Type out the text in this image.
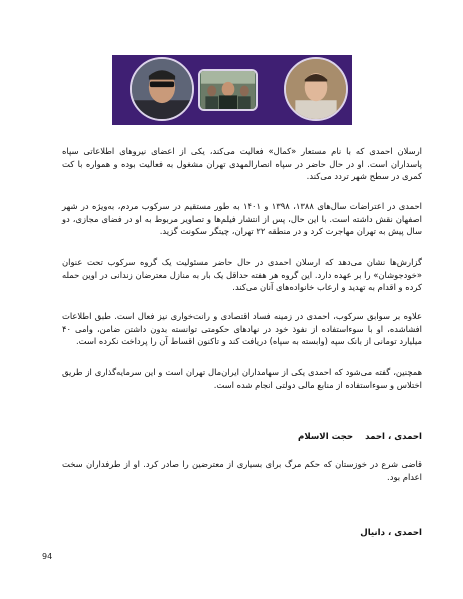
ارسلان احمدی که با نام مستعار «کمال» فعالیت می‌کند، یکی از اعضای نیروهای اطلاعاتی سپاه پاسداران است. او در حال حاضر در سپاه انصارالمهدی تهران مشغول به فعالیت بوده و همواره با کت کمری در سطح شهر تردد می‌کند.

احمدی در اعتراضات سال‌های ۱۳۸۸، ۱۳۹۸ و ۱۴۰۱ به طور مستقیم در سرکوب مردم، به‌ویژه در شهر اصفهان نقش داشته است. با این حال، پس از انتشار فیلم‌ها و تصاویر مربوط به او در فضای مجازی، دو سال پیش به تهران مهاجرت کرد و در منطقه ۲۲ تهران، چیتگر سکونت گزید.

گزارش‌ها نشان می‌دهد که ارسلان احمدی در حال حاضر مسئولیت یک گروه سرکوب تحت عنوان «خودجوشان» را بر عهده دارد. این گروه هر هفته حداقل یک بار به منازل معترضان زندانی در اوین حمله کرده و اقدام به تهدید و ارعاب خانواده‌های آنان می‌کند.

علاوه بر سوابق سرکوب، احمدی در زمینه فساد اقتصادی و رانت‌خواری نیز فعال است. طبق اطلاعات افشاشده، او با سوءاستفاده از نفوذ خود در نهادهای حکومتی توانسته بدون داشتن ضامن، وامی ۴۰ میلیارد تومانی از بانک سپه (وابسته به سپاه) دریافت کند و تاکنون اقساط آن را پرداخت نکرده است.

همچنین، گفته می‌شود که احمدی یکی از سهامداران ایران‌مال تهران است و این سرمایه‌گذاری از طریق اختلاس و سوءاستفاده از منابع مالی دولتی انجام شده است.

احمدی ، احمدحجت الاسلام

قاضی شرع در خوزستان که حکم مرگ برای بسیاری از معترضین را صادر کرد. او از طرفداران سخت اعدام بود.

احمدی ، دانیال
94
